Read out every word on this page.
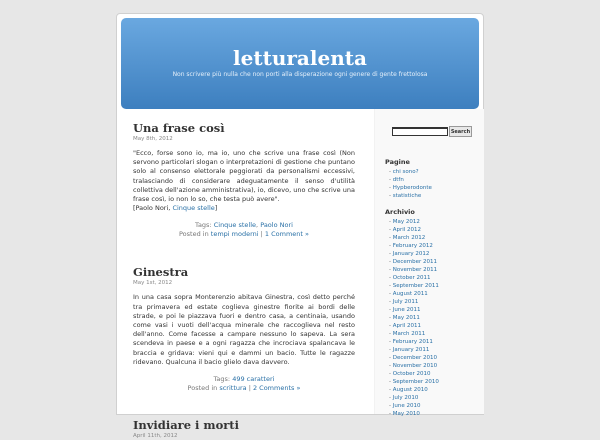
letturalenta
Non scrivere più nulla che non porti alla disperazione ogni genere di gente frettolosa
Una frase così
May 8th, 2012
"Ecco, forse sono io, ma io, uno che scrive una frase così (Non servono particolari slogan o interpretazioni di gestione che puntano solo al consenso elettorale peggiorati da personalismi eccessivi, tralasciando di considerare adeguatamente il senso d'utilità collettiva dell'azione amministrativa), io, dicevo, uno che scrive una frase così, io non lo so, che testa può avere".
[Paolo Nori, Cinque stelle]
Tags: Cinque stelle, Paolo Nori
Posted in tempi moderni | 1 Comment »
Ginestra
May 1st, 2012
In una casa sopra Monterenzio abitava Ginestra, così detto perché tra primavera ed estate coglieva ginestre fiorite ai bordi delle strade, e poi le piazzava fuori e dentro casa, a centinaia, usando come vasi i vuoti dell'acqua minerale che raccoglieva nel resto dell'anno. Come facesse a campare nessuno lo sapeva. La sera scendeva in paese e a ogni ragazza che incrociava spalancava le braccia e gridava: vieni qui e dammi un bacio. Tutte le ragazze ridevano. Qualcuna il bacio glielo dava davvero.
Tags: 499 caratteri
Posted in scrittura | 2 Comments »
Invidiare i morti
April 11th, 2012
Search
Pagine
- chi sono?
- dtfn
- Hypberodonte
- statistiche
Archivio
- May 2012
- April 2012
- March 2012
- February 2012
- January 2012
- December 2011
- November 2011
- October 2011
- September 2011
- August 2011
- July 2011
- June 2011
- May 2011
- April 2011
- March 2011
- February 2011
- January 2011
- December 2010
- November 2010
- October 2010
- September 2010
- August 2010
- July 2010
- June 2010
- May 2010
